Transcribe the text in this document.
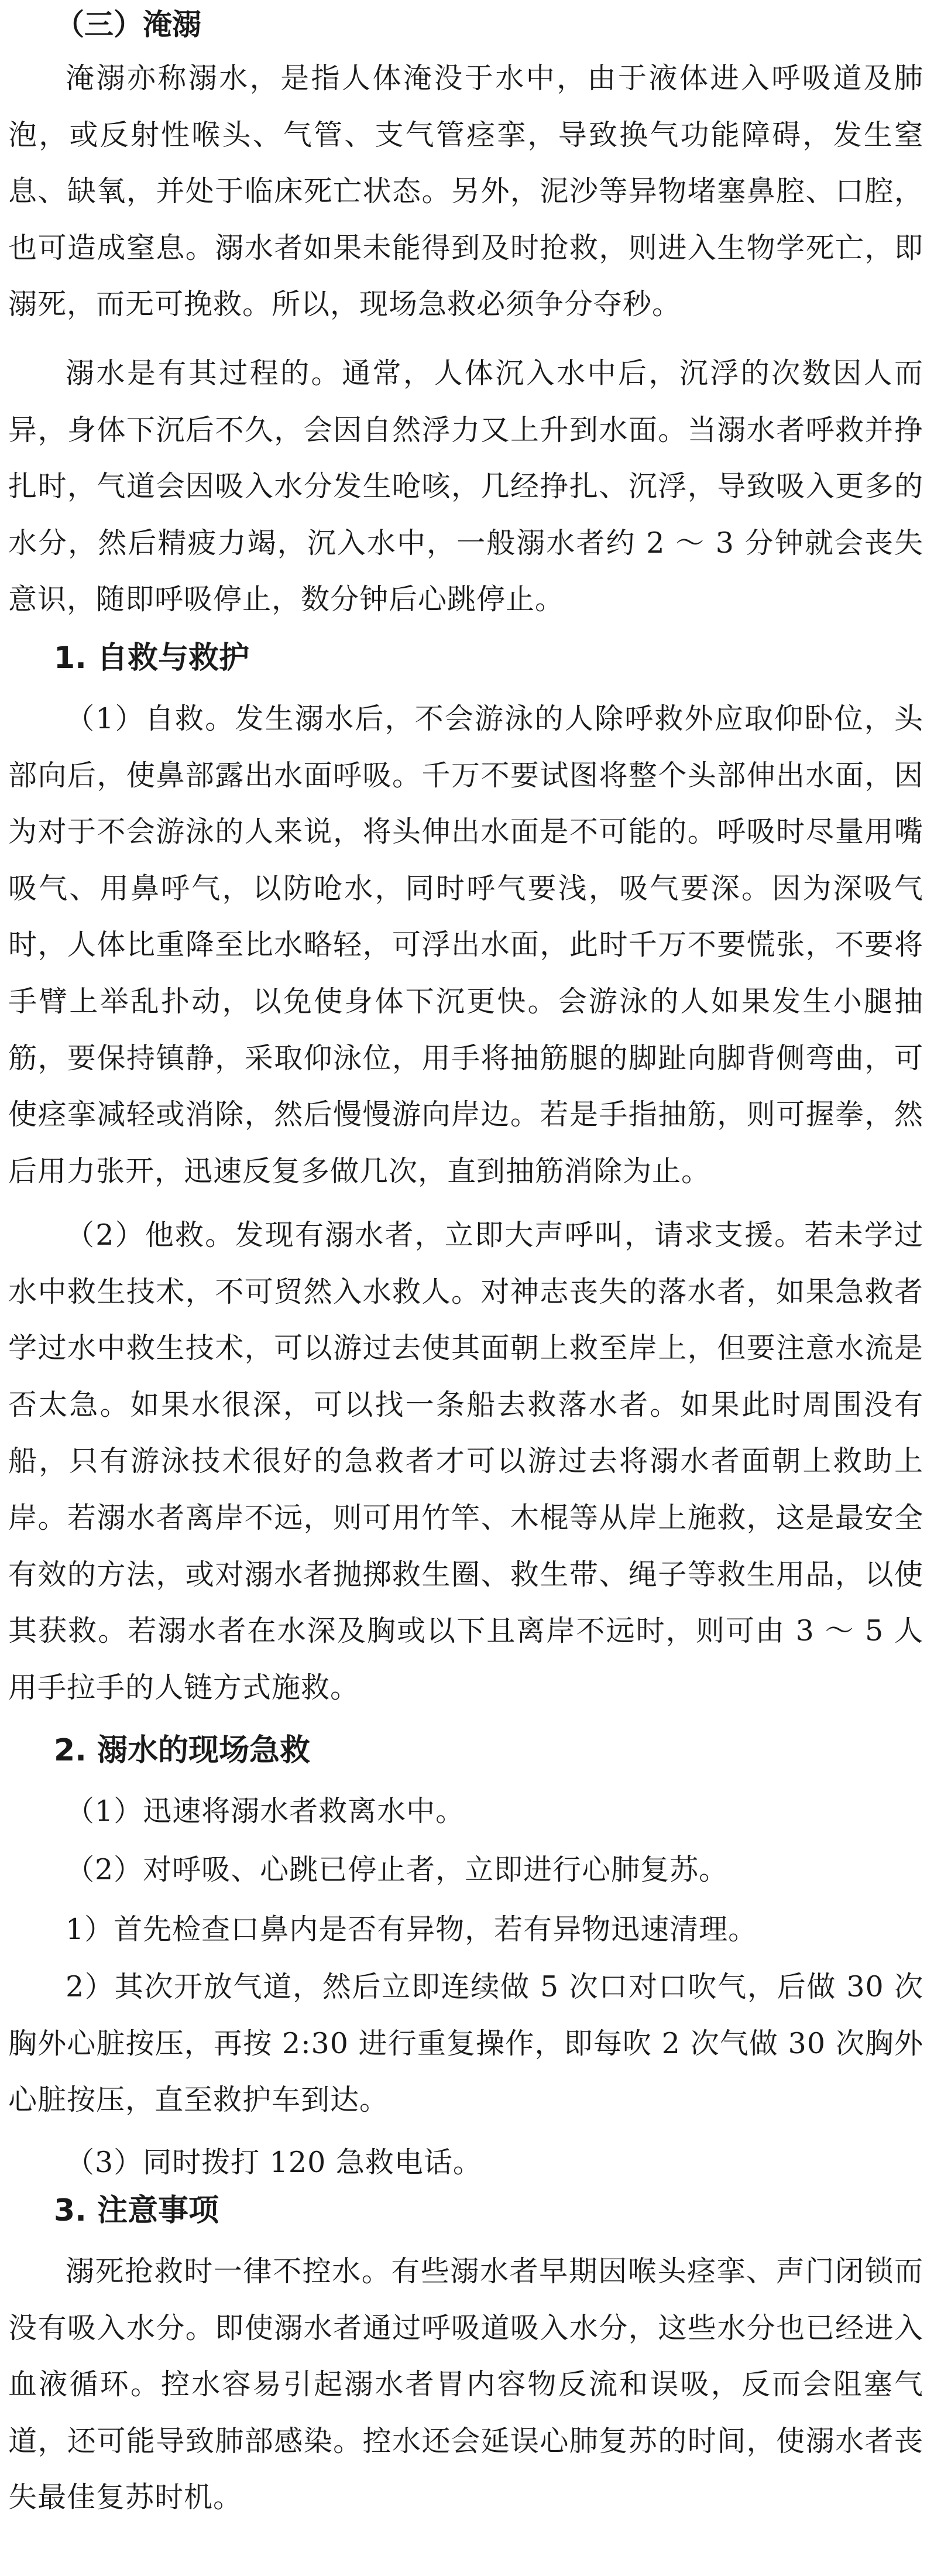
（三）淹溺

淹溺亦称溺水，是指人体淹没于水中，由于液体进入呼吸道及肺泡，或反射性喉头、气管、支气管痉挛，导致换气功能障碍，发生窒息、缺氧，并处于临床死亡状态。另外，泥沙等异物堵塞鼻腔、口腔，也可造成窒息。溺水者如果未能得到及时抢救，则进入生物学死亡，即溺死，而无可挽救。所以，现场急救必须争分夺秒。

溺水是有其过程的。通常，人体沉入水中后，沉浮的次数因人而异，身体下沉后不久，会因自然浮力又上升到水面。当溺水者呼救并挣扎时，气道会因吸入水分发生呛咳，几经挣扎、沉浮，导致吸入更多的水分，然后精疲力竭，沉入水中，一般溺水者约 2 ～ 3 分钟就会丧失意识，随即呼吸停止，数分钟后心跳停止。

1. 自救与救护

（1）自救。发生溺水后，不会游泳的人除呼救外应取仰卧位，头部向后，使鼻部露出水面呼吸。千万不要试图将整个头部伸出水面，因为对于不会游泳的人来说，将头伸出水面是不可能的。呼吸时尽量用嘴吸气、用鼻呼气，以防呛水，同时呼气要浅，吸气要深。因为深吸气时，人体比重降至比水略轻，可浮出水面，此时千万不要慌张，不要将手臂上举乱扑动，以免使身体下沉更快。会游泳的人如果发生小腿抽筋，要保持镇静，采取仰泳位，用手将抽筋腿的脚趾向脚背侧弯曲，可使痉挛减轻或消除，然后慢慢游向岸边。若是手指抽筋，则可握拳，然后用力张开，迅速反复多做几次，直到抽筋消除为止。

（2）他救。发现有溺水者，立即大声呼叫，请求支援。若未学过水中救生技术，不可贸然入水救人。对神志丧失的落水者，如果急救者学过水中救生技术，可以游过去使其面朝上救至岸上，但要注意水流是否太急。如果水很深，可以找一条船去救落水者。如果此时周围没有船，只有游泳技术很好的急救者才可以游过去将溺水者面朝上救助上岸。若溺水者离岸不远，则可用竹竿、木棍等从岸上施救，这是最安全有效的方法，或对溺水者抛掷救生圈、救生带、绳子等救生用品，以使其获救。若溺水者在水深及胸或以下且离岸不远时，则可由 3 ～ 5 人用手拉手的人链方式施救。

2. 溺水的现场急救

（1）迅速将溺水者救离水中。

（2）对呼吸、心跳已停止者，立即进行心肺复苏。

1）首先检查口鼻内是否有异物，若有异物迅速清理。

2）其次开放气道，然后立即连续做 5 次口对口吹气，后做 30 次胸外心脏按压，再按 2:30 进行重复操作，即每吹 2 次气做 30 次胸外心脏按压，直至救护车到达。

（3）同时拨打 120 急救电话。

3. 注意事项

溺死抢救时一律不控水。有些溺水者早期因喉头痉挛、声门闭锁而没有吸入水分。即使溺水者通过呼吸道吸入水分，这些水分也已经进入血液循环。控水容易引起溺水者胃内容物反流和误吸，反而会阻塞气道，还可能导致肺部感染。控水还会延误心肺复苏的时间，使溺水者丧失最佳复苏时机。
